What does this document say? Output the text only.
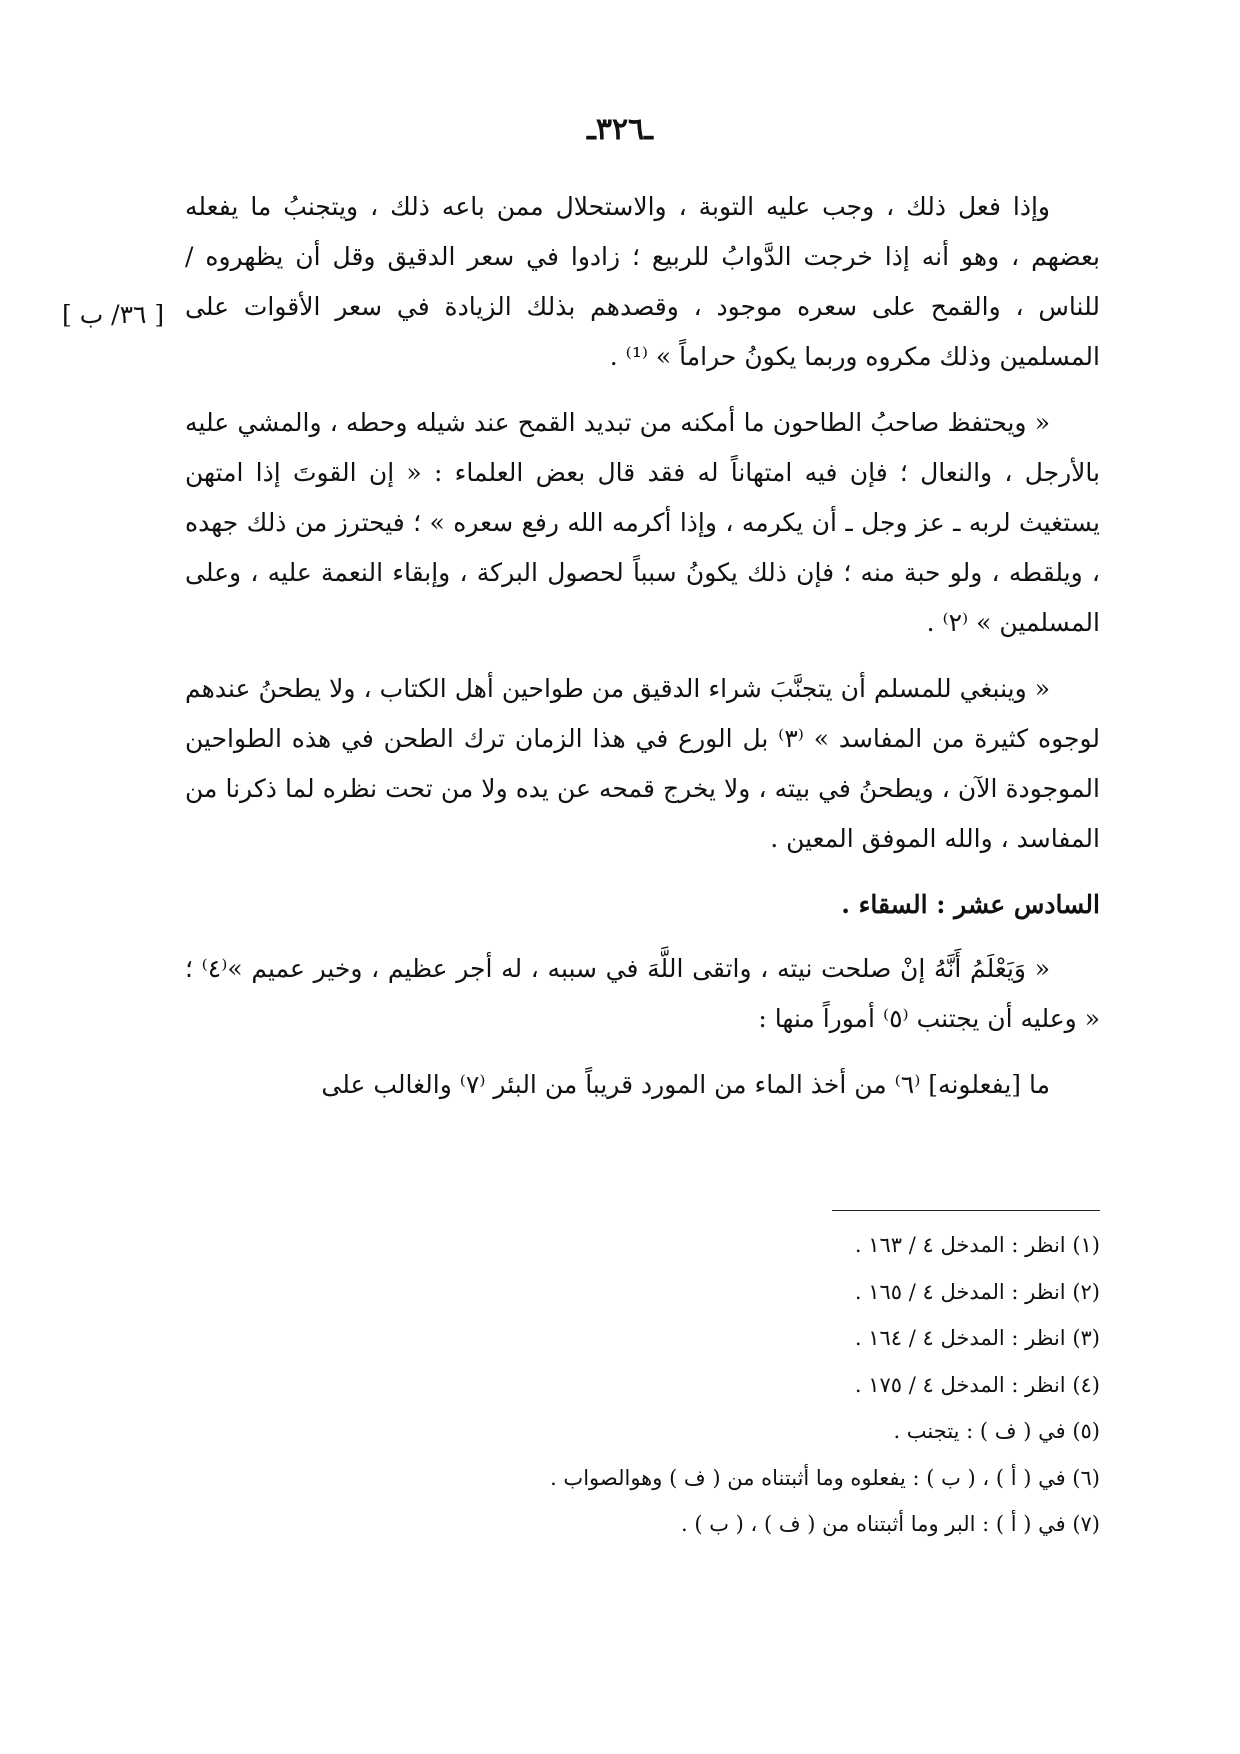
ـ٣٢٦ـ
[ ٣٦/ ب ]

وإذا فعل ذلك ، وجب عليه التوبة ، والاستحلال ممن باعه ذلك ، ويتجنبُ ما يفعله بعضهم ، وهو أنه إذا خرجت الدَّوابُ للربيع ؛ زادوا في سعر الدقيق وقل أن يظهروه / للناس ، والقمح على سعره موجود ، وقصدهم بذلك الزيادة في سعر الأقوات على المسلمين وذلك مكروه وربما يكونُ حراماً » ⁽¹⁾ .

« ويحتفظ صاحبُ الطاحون ما أمكنه من تبديد القمح عند شيله وحطه ، والمشي عليه بالأرجل ، والنعال ؛ فإن فيه امتهاناً له فقد قال بعض العلماء : « إن القوتَ إذا امتهن يستغيث لربه ـ عز وجل ـ أن يكرمه ، وإذا أكرمه الله رفع سعره » ؛ فيحترز من ذلك جهده ، ويلقطه ، ولو حبة منه ؛ فإن ذلك يكونُ سبباً لحصول البركة ، وإبقاء النعمة عليه ، وعلى المسلمين » ⁽٢⁾ .

« وينبغي للمسلم أن يتجنَّبَ شراء الدقيق من طواحين أهل الكتاب ، ولا يطحنُ عندهم لوجوه كثيرة من المفاسد » ⁽٣⁾ بل الورع في هذا الزمان ترك الطحن في هذه الطواحين الموجودة الآن ، ويطحنُ في بيته ، ولا يخرج قمحه عن يده ولا من تحت نظره لما ذكرنا من المفاسد ، والله الموفق المعين .

السادس عشر : السقاء .

« وَيَعْلَمُ أَنَّهُ إنْ صلحت نيته ، واتقى اللَّهَ في سببه ، له أجر عظيم ، وخير عميم »⁽٤⁾ ؛ « وعليه أن يجتنب ⁽٥⁾ أموراً منها :

ما [يفعلونه] ⁽٦⁾ من أخذ الماء من المورد قريباً من البئر ⁽٧⁾ والغالب على

(١) انظر : المدخل ٤ / ١٦٣ .

(٢) انظر : المدخل ٤ / ١٦٥ .

(٣) انظر : المدخل ٤ / ١٦٤ .

(٤) انظر : المدخل ٤ / ١٧٥ .

(٥) في ( ف ) : يتجنب .

(٦) في ( أ ) ، ( ب ) : يفعلوه وما أثبتناه من ( ف ) وهوالصواب .

(٧) في ( أ ) : البر وما أثبتناه من ( ف ) ، ( ب ) .
